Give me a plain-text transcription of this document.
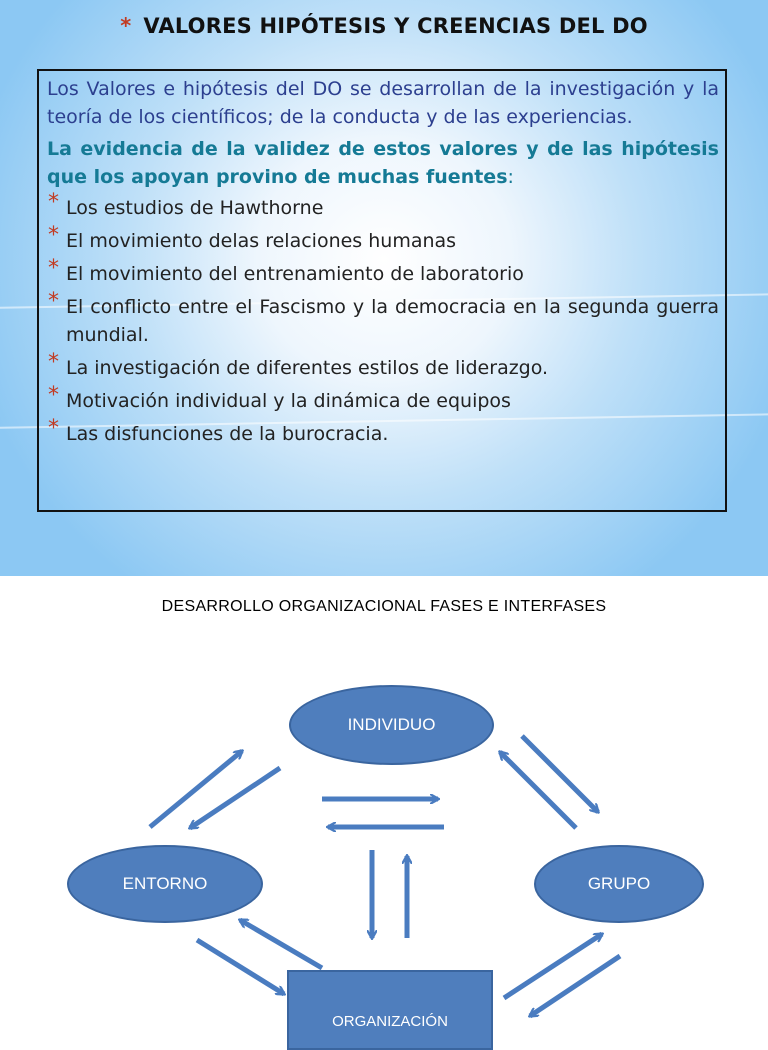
* VALORES HIPÓTESIS Y CREENCIAS DEL DO

Los Valores e hipótesis del DO se desarrollan de la investigación y la teoría de los científicos; de la conducta y de las experiencias.

La evidencia de la validez de estos valores y de las hipótesis que los apoyan provino de muchas fuentes:

* Los estudios de Hawthorne
* El movimiento delas relaciones humanas
* El movimiento del entrenamiento de laboratorio
* El conflicto entre el Fascismo y la democracia en la segunda guerra mundial.
* La investigación de diferentes estilos de liderazgo.
* Motivación individual y la dinámica de equipos
* Las disfunciones de la burocracia.
DESARROLLO ORGANIZACIONAL FASES E INTERFASES
INDIVIDUO
ENTORNO	GRUPO
ORGANIZACIÓN
